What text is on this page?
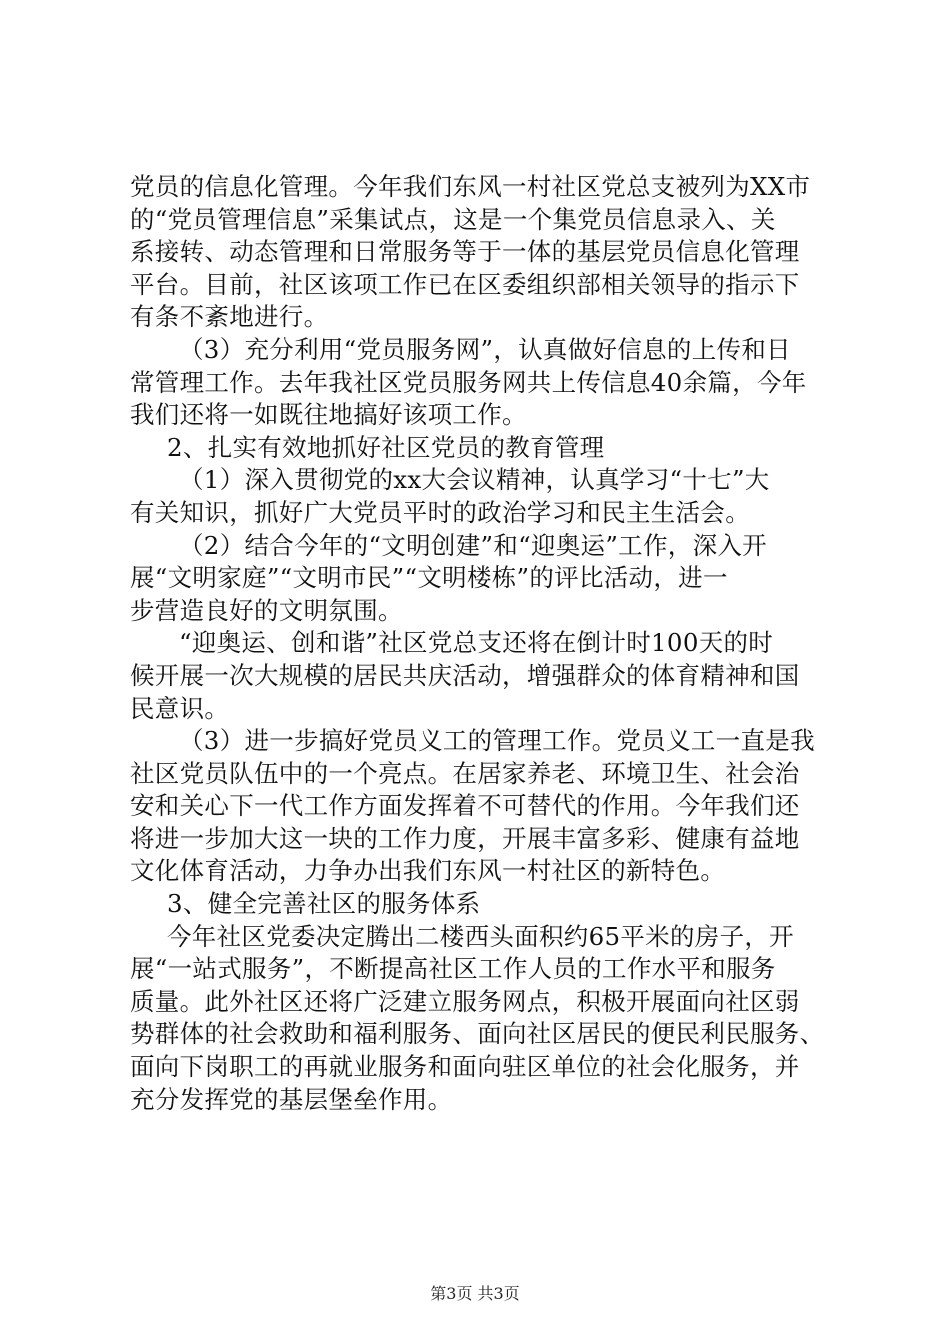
党员的信息化管理。今年我们东风一村社区党总支被列为XX市
的“党员管理信息”采集试点，这是一个集党员信息录入、关
系接转、动态管理和日常服务等于一体的基层党员信息化管理
平台。目前，社区该项工作已在区委组织部相关领导的指示下
有条不紊地进行。
（3）充分利用“党员服务网”，认真做好信息的上传和日
常管理工作。去年我社区党员服务网共上传信息40余篇，今年
我们还将一如既往地搞好该项工作。
2、扎实有效地抓好社区党员的教育管理
（1）深入贯彻党的xx大会议精神，认真学习“十七”大
有关知识，抓好广大党员平时的政治学习和民主生活会。
（2）结合今年的“文明创建”和“迎奥运”工作，深入开
展“文明家庭”“文明市民”“文明楼栋”的评比活动，进一
步营造良好的文明氛围。
“迎奥运、创和谐”社区党总支还将在倒计时100天的时
候开展一次大规模的居民共庆活动，增强群众的体育精神和国
民意识。
（3）进一步搞好党员义工的管理工作。党员义工一直是我
社区党员队伍中的一个亮点。在居家养老、环境卫生、社会治
安和关心下一代工作方面发挥着不可替代的作用。今年我们还
将进一步加大这一块的工作力度，开展丰富多彩、健康有益地
文化体育活动，力争办出我们东风一村社区的新特色。
3、健全完善社区的服务体系
今年社区党委决定腾出二楼西头面积约65平米的房子，开
展“一站式服务”，不断提高社区工作人员的工作水平和服务
质量。此外社区还将广泛建立服务网点，积极开展面向社区弱
势群体的社会救助和福利服务、面向社区居民的便民利民服务、
面向下岗职工的再就业服务和面向驻区单位的社会化服务，并
充分发挥党的基层堡垒作用。
第3页 共3页
